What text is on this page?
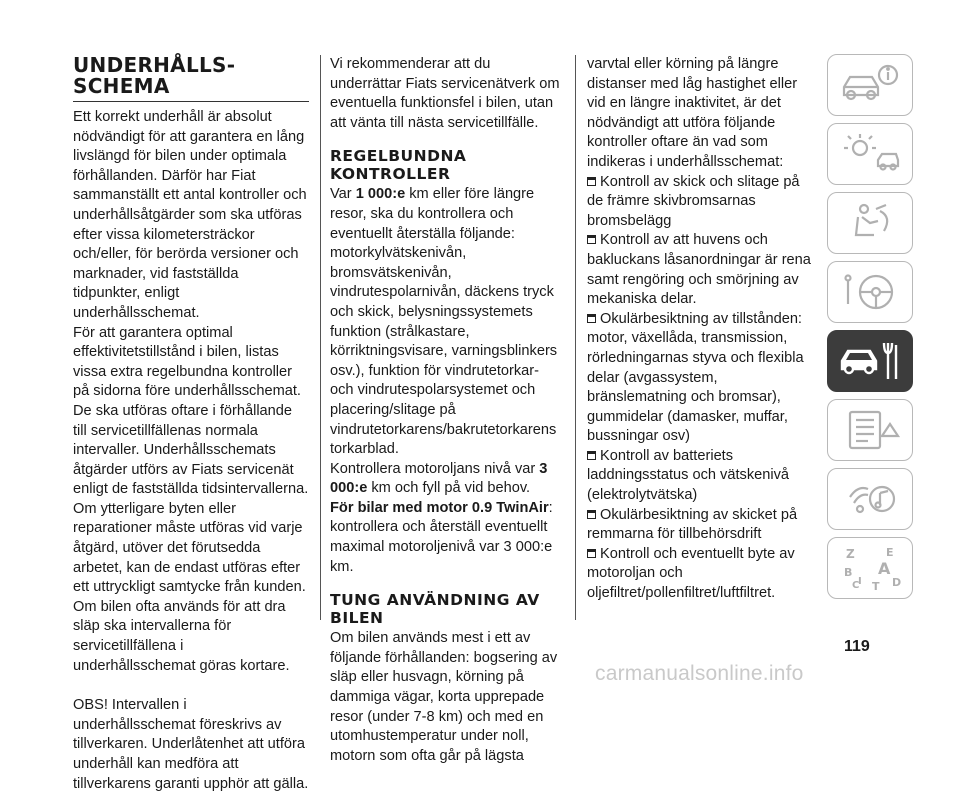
UNDERHÅLLS-SCHEMA

Ett korrekt underhåll är absolut nödvändigt för att garantera en lång livslängd för bilen under optimala förhållanden. Därför har Fiat sammanställt ett antal kontroller och underhållsåtgärder som ska utföras efter vissa kilometersträckor och/eller, för berörda versioner och marknader, vid fastställda tidpunkter, enligt underhållsschemat.

För att garantera optimal effektivitetstillstånd i bilen, listas vissa extra regelbundna kontroller på sidorna före underhållsschemat. De ska utföras oftare i förhållande till servicetillfällenas normala intervaller. Underhållsschemats åtgärder utförs av Fiats servicenät enligt de fastställda tidsintervallerna.

Om ytterligare byten eller reparationer måste utföras vid varje åtgärd, utöver det förutsedda arbetet, kan de endast utföras efter ett uttryckligt samtycke från kunden. Om bilen ofta används för att dra släp ska intervallerna för servicetillfällena i underhållsschemat göras kortare.

OBS! Intervallen i underhållsschemat föreskrivs av tillverkaren. Underlåtenhet att utföra underhåll kan medföra att tillverkarens garanti upphör att gälla.

Vi rekommenderar att du underrättar Fiats servicenätverk om eventuella funktionsfel i bilen, utan att vänta till nästa servicetillfälle.

REGELBUNDNA KONTROLLER

Var 1 000:e km eller före längre resor, ska du kontrollera och eventuellt återställa följande: motorkylvätskenivån, bromsvätskenivån, vindrutespolarnivån, däckens tryck och skick, belysningssystemets funktion (strålkastare, körriktningsvisare, varningsblinkers osv.), funktion för vindrutetorkar- och vindrutespolarsystemet och placering/slitage på vindrutetorkarens/bakrutetorkarens torkarblad.

Kontrollera motoroljans nivå var 3 000:e km och fyll på vid behov.

För bilar med motor 0.9 TwinAir: kontrollera och återställ eventuellt maximal motoroljenivå var 3 000:e km.

TUNG ANVÄNDNING AV BILEN

Om bilen används mest i ett av följande förhållanden: bogsering av släp eller husvagn, körning på dammiga vägar, korta upprepade resor (under 7-8 km) och med en utomhustemperatur under noll, motorn som ofta går på lägsta

varvtal eller körning på längre distanser med låg hastighet eller vid en längre inaktivitet, är det nödvändigt att utföra följande kontroller oftare än vad som indikeras i underhållsschemat:

Kontroll av skick och slitage på de främre skivbromsarnas bromsbelägg
Kontroll av att huvens och bakluckans låsanordningar är rena samt rengöring och smörjning av mekaniska delar.
Okulärbesiktning av tillstånden: motor, växellåda, transmission, rörledningarnas styva och flexibla delar (avgassystem, bränslematning och bromsar), gummidelar (damasker, muffar, bussningar osv)
Kontroll av batteriets laddningsstatus och vätskenivå (elektrolytvätska)
Okulärbesiktning av skicket på remmarna för tillbehörsdrift
Kontroll och eventuellt byte av motoroljan och oljefiltret/pollenfiltret/luftfiltret.
Z	E
B A
I
C T D
119
carmanualsonline.info
